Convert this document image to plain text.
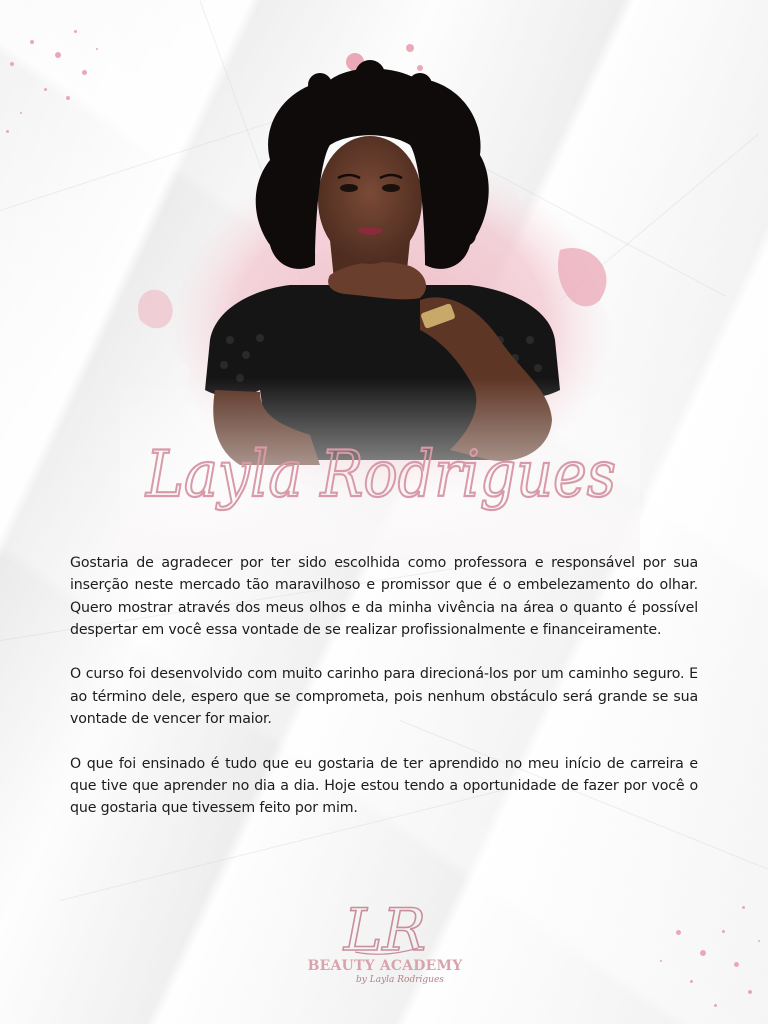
Layla Rodrigues

Gostaria de agradecer por ter sido escolhida como professora e responsável por sua inserção neste mercado tão maravilhoso e promissor que é o embelezamento do olhar. Quero mostrar através dos meus olhos e da minha vivência na área o quanto é possível despertar em você essa vontade de se realizar profissionalmente e financeiramente.

O curso foi desenvolvido com muito carinho para direcioná-los por um caminho seguro. E ao término dele, espero que se comprometa, pois nenhum obstáculo será grande se sua vontade de vencer for maior.

O que foi ensinado é tudo que eu gostaria de ter aprendido no meu início de carreira e que tive que aprender no dia a dia. Hoje estou tendo a oportunidade de fazer por você o que gostaria que tivessem feito por mim.

LR
BEAUTY ACADEMY
by Layla Rodrigues
